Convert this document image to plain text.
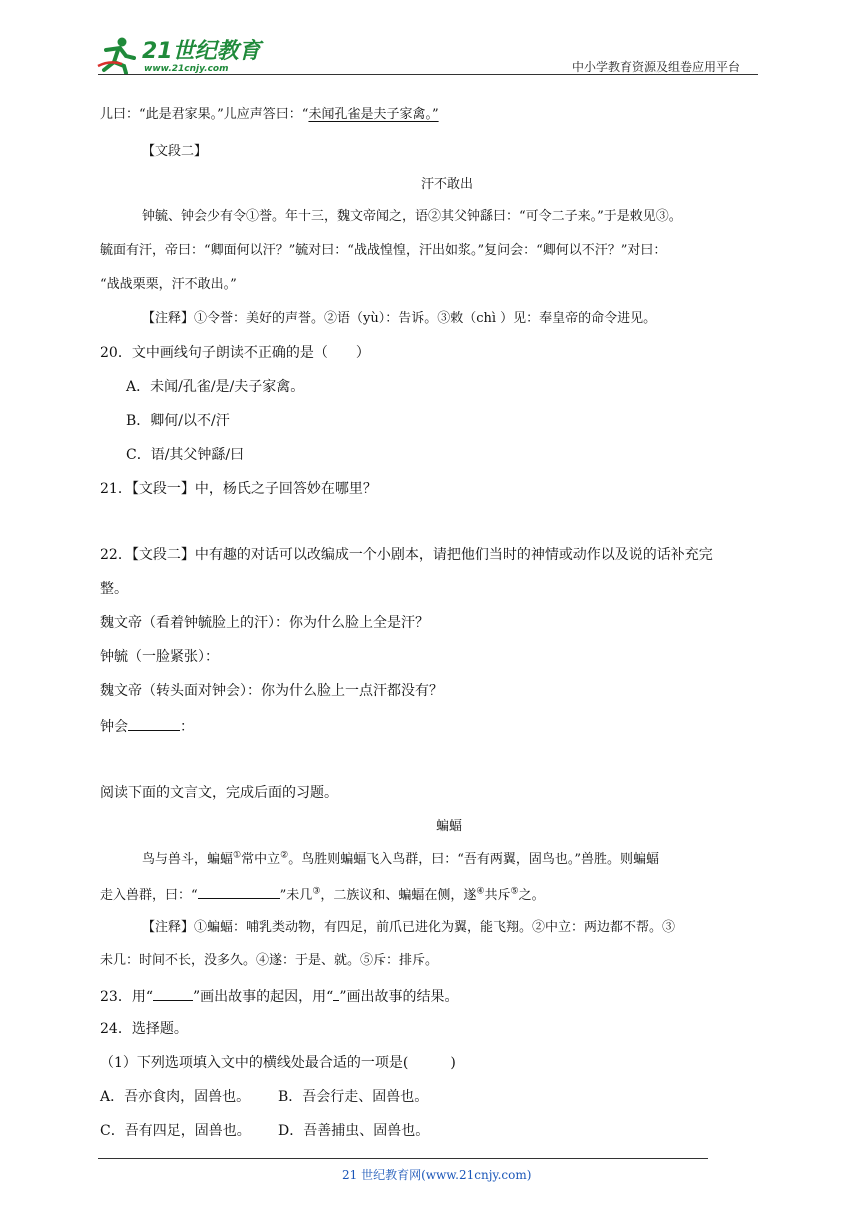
21世纪教育
www.21cnjy.com	中小学教育资源及组卷应用平台
儿曰：“此是君家果。”儿应声答曰：“未闻孔雀是夫子家禽。”
【文段二】
汗不敢出
钟毓、钟会少有令①誉。年十三，魏文帝闻之，语②其父钟繇曰：“可令二子来。”于是敕见③。
毓面有汗，帝曰：“卿面何以汗？”毓对曰：“战战惶惶，汗出如浆。”复问会：“卿何以不汗？”对曰：
“战战栗栗，汗不敢出。”
【注释】①令誉：美好的声誉。②语（yù）：告诉。③敕（chì ）见：奉皇帝的命令进见。
20．文中画线句子朗读不正确的是（　　）
A．未闻/孔雀/是/夫子家禽。
B．卿何/以不/汗
C．语/其父钟繇/曰
21．【文段一】中，杨氏之子回答妙在哪里？
22．【文段二】中有趣的对话可以改编成一个小剧本，请把他们当时的神情或动作以及说的话补充完
整。
魏文帝（看着钟毓脸上的汗）：你为什么脸上全是汗？
钟毓（一脸紧张）：
魏文帝（转头面对钟会）：你为什么脸上一点汗都没有？
钟会	：
阅读下面的文言文，完成后面的习题。
蝙蝠
鸟与兽斗，蝙蝠①常中立②。鸟胜则蝙蝠飞入鸟群，曰：“吾有两翼，固鸟也。”兽胜。则蝙蝠
走入兽群，曰：“	”未几③，二族议和、蝙蝠在侧，遂④共斥⑤之。
【注释】①蝙蝠：哺乳类动物，有四足，前爪已进化为翼，能飞翔。②中立：两边都不帮。③
未几：时间不长，没多久。④遂：于是、就。⑤斥：排斥。
23．用“	”画出故事的起因，用“ ”画出故事的结果。
24．选择题。
（1）下列选项填入文中的横线处最合适的一项是(　　　)
A．吾亦食肉，固兽也。 B．吾会行走、固兽也。
C．吾有四足，固兽也。 D．吾善捕虫、固兽也。
21 世纪教育网(www.21cnjy.com)
